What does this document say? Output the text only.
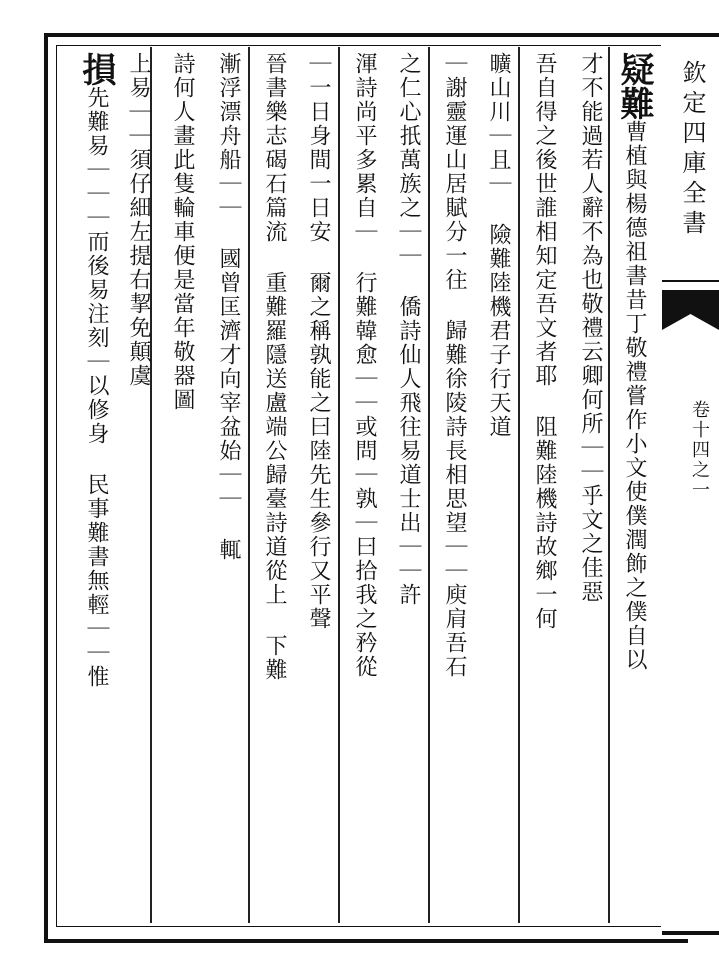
欽定四庫全書
卷十四之一
疑難曹植與楊德祖書昔丁敬禮嘗作小文使僕潤飾之僕自以
才不能過若人辭不為也敬禮云卿何所｜｜乎文之佳惡
吾自得之後世誰相知定吾文者耶 阻難陸機詩故鄉一何
曠山川｜且｜ 險難陸機君子行天道
｜謝靈運山居賦分一往 歸難徐陵詩長相思望｜｜庾肩吾石
之仁心扺萬族之｜｜ 僑詩仙人飛往易道士出｜｜許
渾詩尚平多累自｜ 行難韓愈｜｜或問｜孰｜曰拾我之矜從
｜一日身間一日安 爾之稱孰能之曰陸先生參行又平聲
晉書樂志碣石篇流 重難羅隱送盧端公歸臺詩道從上 下難
漸浮漂舟船｜｜ 國曾匡濟才向宰盆始｜｜ 輒
詩何人畫此隻輪車便是當年敬器圖
上易｜｜須仔細左提右挈免顛虞
損先難易｜｜｜而後易注刻｜以修身 民事難書無輕｜｜惟
